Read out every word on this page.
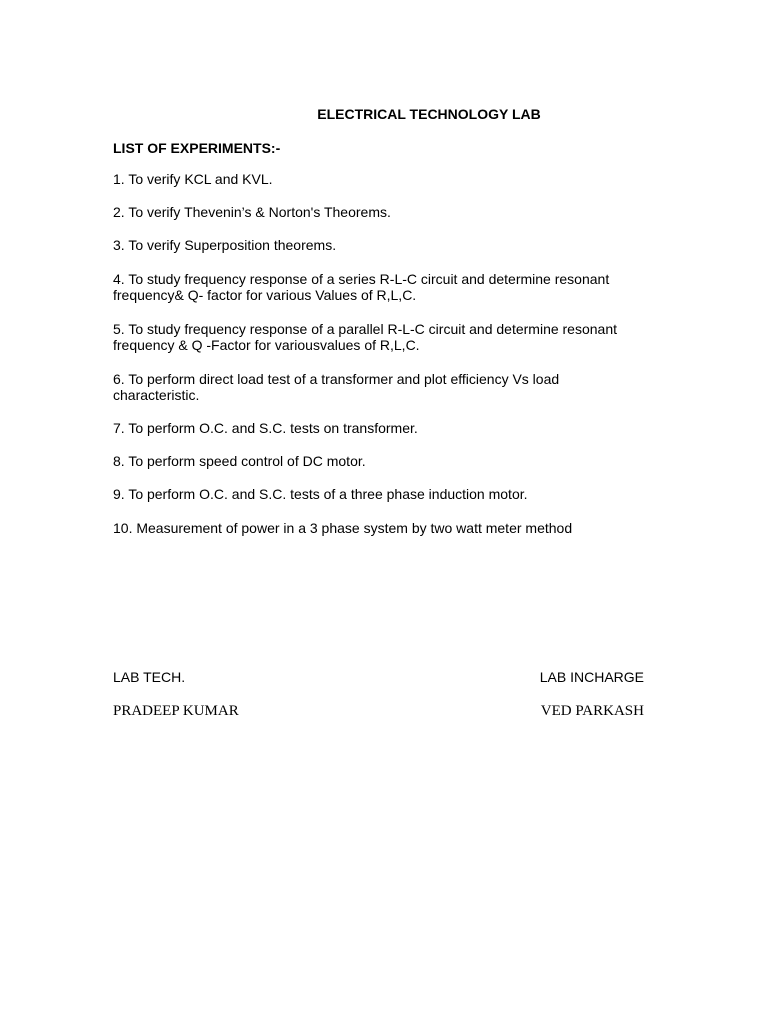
ELECTRICAL TECHNOLOGY LAB
LIST OF EXPERIMENTS:-
1. To verify KCL and KVL.
2. To verify Thevenin’s & Norton's Theorems.
3. To verify Superposition theorems.
4. To study frequency response of a series R-L-C circuit and determine resonant
frequency& Q- factor for various Values of R,L,C.
5. To study frequency response of a parallel R-L-C circuit and determine resonant
frequency & Q -Factor for variousvalues of R,L,C.
6. To perform direct load test of a transformer and plot efficiency Vs load
characteristic.
7. To perform O.C. and S.C. tests on transformer.
8. To perform speed control of DC motor.
9. To perform O.C. and S.C. tests of a three phase induction motor.
10. Measurement of power in a 3 phase system by two watt meter method

LAB TECH.	LAB INCHARGE

PRADEEP KUMAR	VED PARKASH
